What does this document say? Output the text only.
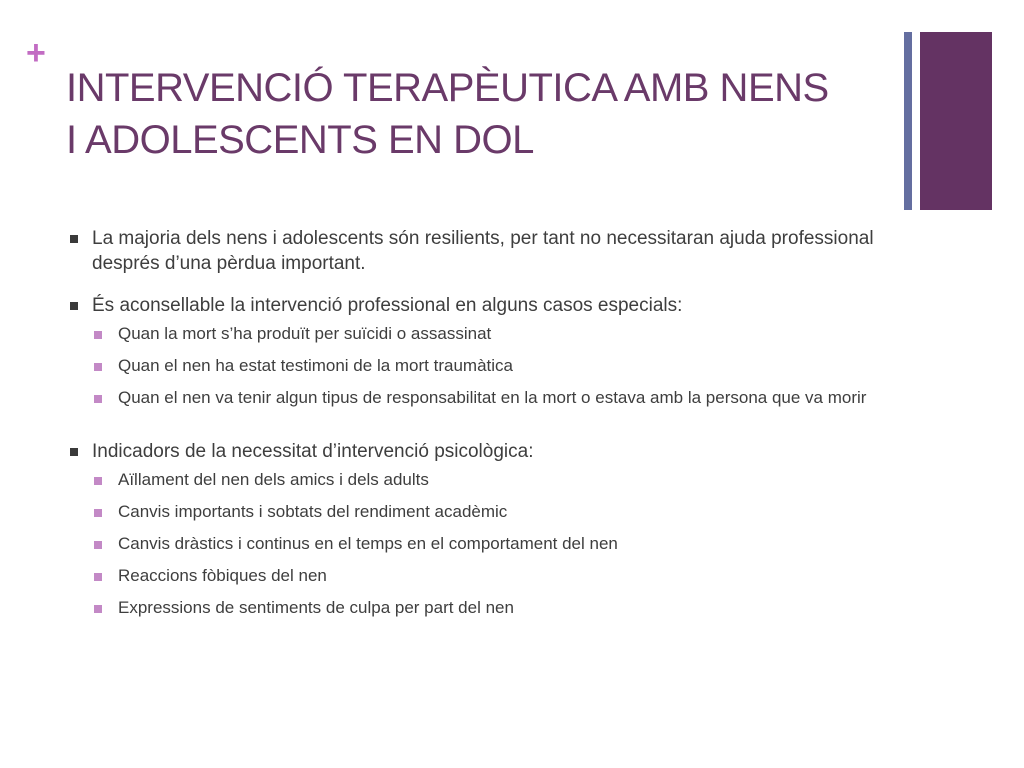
+
INTERVENCIÓ TERAPÈUTICA AMB NENS
I ADOLESCENTS EN DOL
La majoria dels nens i adolescents són resilients, per tant no necessitaran ajuda professional després d’una pèrdua important.
És aconsellable la intervenció professional en alguns casos especials:
Quan la mort s’ha produït per suïcidi o assassinat
Quan el nen ha estat testimoni de la mort traumàtica
Quan el nen va tenir algun tipus de responsabilitat en la mort o estava amb la persona que va morir
Indicadors de la necessitat d’intervenció psicològica:
Aïllament del nen dels amics i dels adults
Canvis importants i sobtats del rendiment acadèmic
Canvis dràstics i continus en el temps en el comportament del nen
Reaccions fòbiques del nen
Expressions de sentiments de culpa per part del nen
